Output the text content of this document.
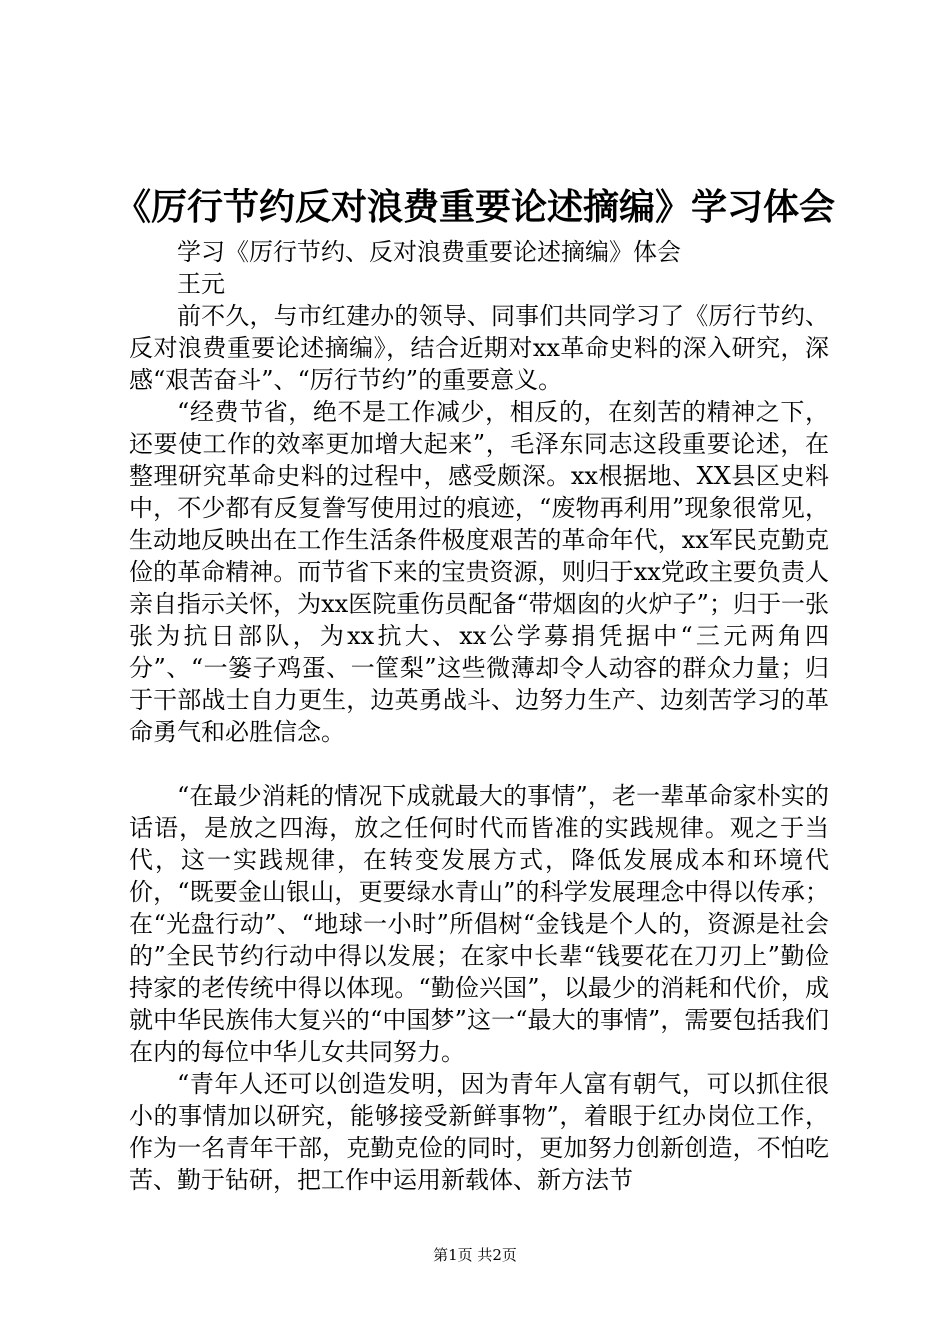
《厉行节约反对浪费重要论述摘编》学习体会

学习《厉行节约、反对浪费重要论述摘编》体会

王元

前不久，与市红建办的领导、同事们共同学习了《厉行节约、反对浪费重要论述摘编》，结合近期对xx革命史料的深入研究，深感“艰苦奋斗”、“厉行节约”的重要意义。

“经费节省，绝不是工作减少，相反的，在刻苦的精神之下，还要使工作的效率更加增大起来”，毛泽东同志这段重要论述，在整理研究革命史料的过程中，感受颇深。xx根据地、XX县区史料中，不少都有反复誊写使用过的痕迹，“废物再利用”现象很常见，生动地反映出在工作生活条件极度艰苦的革命年代，xx军民克勤克俭的革命精神。而节省下来的宝贵资源，则归于xx党政主要负责人亲自指示关怀，为xx医院重伤员配备“带烟囱的火炉子”；归于一张张为抗日部队，为xx抗大、xx公学募捐凭据中“三元两角四分”、“一篓子鸡蛋、一筐梨”这些微薄却令人动容的群众力量；归于干部战士自力更生，边英勇战斗、边努力生产、边刻苦学习的革命勇气和必胜信念。

“在最少消耗的情况下成就最大的事情”，老一辈革命家朴实的话语，是放之四海，放之任何时代而皆准的实践规律。观之于当代，这一实践规律，在转变发展方式，降低发展成本和环境代价，“既要金山银山，更要绿水青山”的科学发展理念中得以传承；在“光盘行动”、“地球一小时”所倡树“金钱是个人的，资源是社会的”全民节约行动中得以发展；在家中长辈“钱要花在刀刃上”勤俭持家的老传统中得以体现。“勤俭兴国”，以最少的消耗和代价，成就中华民族伟大复兴的“中国梦”这一“最大的事情”，需要包括我们在内的每位中华儿女共同努力。

“青年人还可以创造发明，因为青年人富有朝气，可以抓住很小的事情加以研究，能够接受新鲜事物”，着眼于红办岗位工作，作为一名青年干部，克勤克俭的同时，更加努力创新创造，不怕吃苦、勤于钻研，把工作中运用新载体、新方法节

第1页 共2页
